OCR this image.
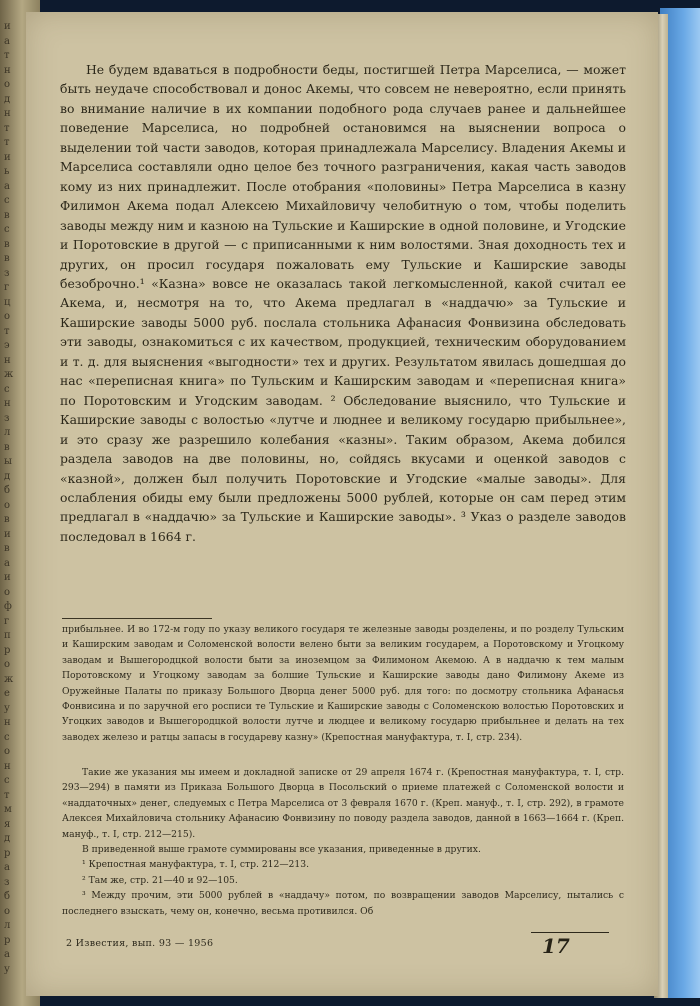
и
а
т
н
о
д
н
т
т
и
ь
а
с
в
с
в
в
з
г
ц
о
т
э
н
ж
с
н
з
л
в
ы
д
б
о
в
и
в
а
и
о
ф
г
п
р
о
ж
е
у
н
с
о
н
с
т
м
я
д
р
а
з
б
о
л
р
а
у

Не будем вдаваться в подробности беды, постигшей Петра Марселиса, — может быть неудаче способствовал и донос Акемы, что совсем не невероятно, если принять во внимание наличие в их компании подобного рода случаев ранее и дальнейшее поведение Марселиса, но подробней остановимся на выяснении вопроса о выделении той части заводов, которая принадлежала Марселису. Владения Акемы и Марселиса составляли одно целое без точного разграничения, какая часть заводов кому из них принадлежит. После отобрания «половины» Петра Марселиса в казну Филимон Акема подал Алексею Михайловичу челобитную о том, чтобы поделить заводы между ним и казною на Тульские и Каширские в одной половине, и Угодские и Поротовские в другой — с приписанными к ним волостями. Зная доходность тех и других, он просил государя пожаловать ему Тульские и Каширские заводы безоброчно.¹ «Казна» вовсе не оказалась такой легкомысленной, какой считал ее Акема, и, несмотря на то, что Акема предлагал в «наддачю» за Тульские и Каширские заводы 5000 руб. послала стольника Афанасия Фонвизина обследовать эти заводы, ознакомиться с их качеством, продукцией, техническим оборудованием и т. д. для выяснения «выгодности» тех и других. Результатом явилась дошедшая до нас «переписная книга» по Тульским и Каширским заводам и «переписная книга» по Поротовским и Угодским заводам. ² Обследование выяснило, что Тульские и Каширские заводы с волостью «лутче и люднее и великому государю прибыльнее», и это сразу же разрешило колебания «казны». Таким образом, Акема добился раздела заводов на две половины, но, сойдясь вкусами и оценкой заводов с «казной», должен был получить Поротовские и Угодские «малые заводы». Для ослабления обиды ему были предложены 5000 рублей, которые он сам перед этим предлагал в «наддачю» за Тульские и Каширские заводы». ³ Указ о разделе заводов последовал в 1664 г.

прибыльнее. И во 172-м году по указу великого государя те железные заводы розделены, и по розделу Тульским и Каширским заводам и Соломенской волости велено быти за великим государем, а Поротовскому и Угоцкому заводам и Вышегородцкой волости быти за иноземцом за Филимоном Акемою. А в наддачю к тем малым Поротовскому и Угоцкому заводам за болшие Тульские и Каширские заводы дано Филимону Акеме из Оружейные Палаты по приказу Большого Дворца денег 5000 руб. для того: по досмотру стольника Афанасья Фонвисина и по заручной его росписи те Тульские и Каширские заводы с Соломенскою волостью Поротовских и Угоцких заводов и Вышегородцкой волости лутче и людцее и великому государю прибыльнее и делать на тех заводех железо и ратцы запасы в государеву казну» (Крепостная мануфактура, т. I, стр. 234).

Такие же указания мы имеем и докладной записке от 29 апреля 1674 г. (Крепостная мануфактура, т. I, стр. 293—294) в памяти из Приказа Большого Дворца в Посольский о приеме платежей с Соломенской волости и «наддаточных» денег, следуемых с Петра Марселиса от 3 февраля 1670 г. (Креп. мануф., т. I, стр. 292), в грамоте Алексея Михайловича стольнику Афанасию Фонвизину по поводу раздела заводов, данной в 1663—1664 г. (Креп. мануф., т. I, стр. 212—215).

В приведенной выше грамоте суммированы все указания, приведенные в других.

¹ Крепостная мануфактура, т. I, стр. 212—213.

² Там же, стр. 21—40 и 92—105.

³ Между прочим, эти 5000 рублей в «наддачу» потом, по возвращении заводов Марселису, пытались с последнего взыскать, чему он, конечно, весьма противился. Об

2 Известия, вып. 93 — 1956	17
